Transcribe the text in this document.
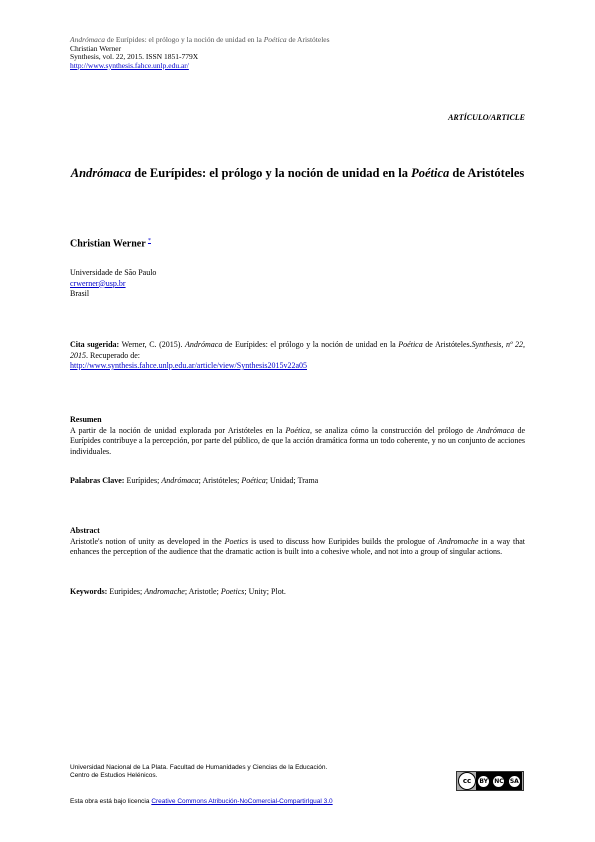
Andrómaca de Eurípides: el prólogo y la noción de unidad en la Poética de Aristóteles
Christian Werner
Synthesis, vol. 22, 2015. ISSN 1851-779X
http://www.synthesis.fahce.unlp.edu.ar/
ARTÍCULO/ARTICLE
Andrómaca de Eurípides: el prólogo y la noción de unidad en la Poética de Aristóteles
Christian Werner *
Universidade de São Paulo
crwerner@usp.br
Brasil
Cita sugerida: Werner, C. (2015). Andrómaca de Eurípides: el prólogo y la noción de unidad en la Poética de Aristóteles.Synthesis, nº 22, 2015. Recuperado de:
http://www.synthesis.fahce.unlp.edu.ar/article/view/Synthesis2015v22a05
Resumen

A partir de la noción de unidad explorada por Aristóteles en la Poética, se analiza cómo la construcción del prólogo de Andrómaca de Eurípides contribuye a la percepción, por parte del público, de que la acción dramática forma un todo coherente, y no un conjunto de acciones individuales.

Palabras Clave: Eurípides; Andrómaca; Aristóteles; Poética; Unidad; Trama
Abstract

Aristotle's notion of unity as developed in the Poetics is used to discuss how Euripides builds the prologue of Andromache in a way that enhances the perception of the audience that the dramatic action is built into a cohesive whole, and not into a group of singular actions.

Keywords: Euripides; Andromache; Aristotle; Poetics; Unity; Plot.
Universidad Nacional de La Plata. Facultad de Humanidades y Ciencias de la Educación.
Centro de Estudios Helénicos.
cc	BY NC SA
Esta obra está bajo licencia Creative Commons Atribución-NoComercial-CompartirIgual 3.0
